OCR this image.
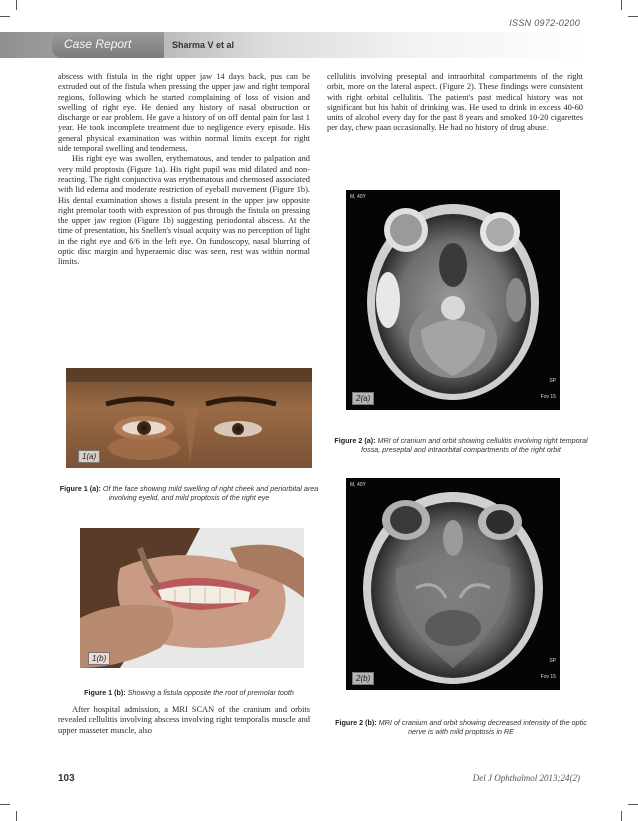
ISSN 0972-0200
Case Report	Sharma V et al

abscess with fistula in the right upper jaw 14 days back, pus can be extruded out of the fistula when pressing the upper jaw and right temporal regions, following which he started complaining of loss of vision and swelling of right eye. He denied any history of nasal obstruction or discharge or ear problem. He gave a history of on off dental pain for last 1 year. He took incomplete treatment due to negligence every episode. His general physical examination was within normal limits except for right side temporal swelling and tenderness.

His right eye was swollen, erythematous, and tender to palpation and very mild proptosis (Figure 1a). His right pupil was mid dilated and non-reacting. The right conjunctiva was erythematous and chemosed associated with lid edema and moderate restriction of eyeball movement (Figure 1b). His dental examination shows a fistula present in the upper jaw opposite right premolar tooth with expression of pus through the fistula on pressing the upper jaw region (Figure 1b) suggesting periodontal abscess. At the time of presentation, his Snellen's visual acquity was no perception of light in the right eye and 6/6 in the left eye. On fundoscopy, nasal blurring of optic disc margin and hyperaemic disc was seen, rest was within normal limits.

cellulitis involving preseptal and intraorbital compartments of the right orbit, more on the lateral aspect. (Figure 2). These findings were consistent with right orbital cellulitis. The patient's past medical history was not significant but his habit of drinking was. He used to drink in excess 40-60 units of alcohol every day for the past 8 years and smoked 10-20 cigarettes per day, chew paan occasionally. He had no history of drug abuse.

1(a)
Figure 1 (a): Of the face showing mild swelling of right cheek and periorbital area involving eyelid, and mild proptosis of the right eye
1(b)
Figure 1 (b): Showing a fistula opposite the root of premolar tooth

After hospital admission, a MRI SCAN of the cranium and orbits revealed cellulitis involving abscess involving right temporalis muscle and upper masseter muscle, also

M, 40Y
SP
Fov 15
2(a)
Figure 2 (a): MRI of cranium and orbit showing cellulitis involving right temporal fossa, preseptal and intraorbital compartments of the right orbit
M, 40Y
SP
Fov 15
2(b)
Figure 2 (b): MRI of cranium and orbit showing decreased intensity of the optic nerve is with mild proptosis in RE
103	Del J Ophthalmol 2013;24(2)
